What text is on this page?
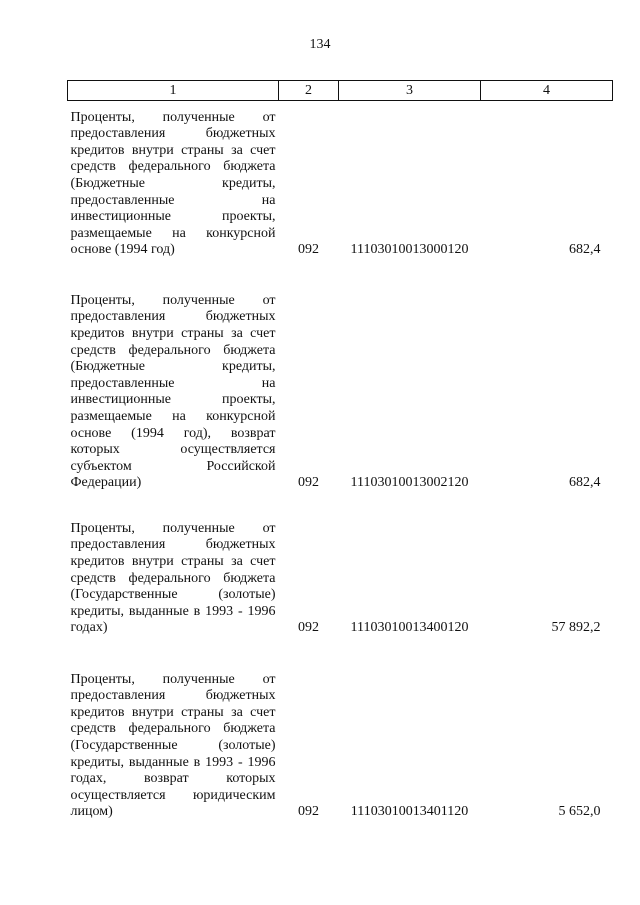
134
1	2	3	4
Проценты, полученные от предоставления бюджетных кредитов внутри страны за счет средств федерального бюджета (Бюджетные кредиты, предоставленные на инвестиционные проекты, размещаемые на конкурсной основе (1994 год)	092	11103010013000120	682,4
Проценты, полученные от предоставления бюджетных кредитов внутри страны за счет средств федерального бюджета (Бюджетные кредиты, предоставленные на инвестиционные проекты, размещаемые на конкурсной основе (1994 год), возврат которых осуществляется субъектом Российской Федерации)	092	11103010013002120	682,4
Проценты, полученные от предоставления бюджетных кредитов внутри страны за счет средств федерального бюджета (Государственные (золотые) кредиты, выданные в 1993 - 1996 годах)	092	11103010013400120	57 892,2
Проценты, полученные от предоставления бюджетных кредитов внутри страны за счет средств федерального бюджета (Государственные (золотые) кредиты, выданные в 1993 - 1996 годах, возврат которых осуществляется юридическим лицом)	092	11103010013401120	5 652,0
